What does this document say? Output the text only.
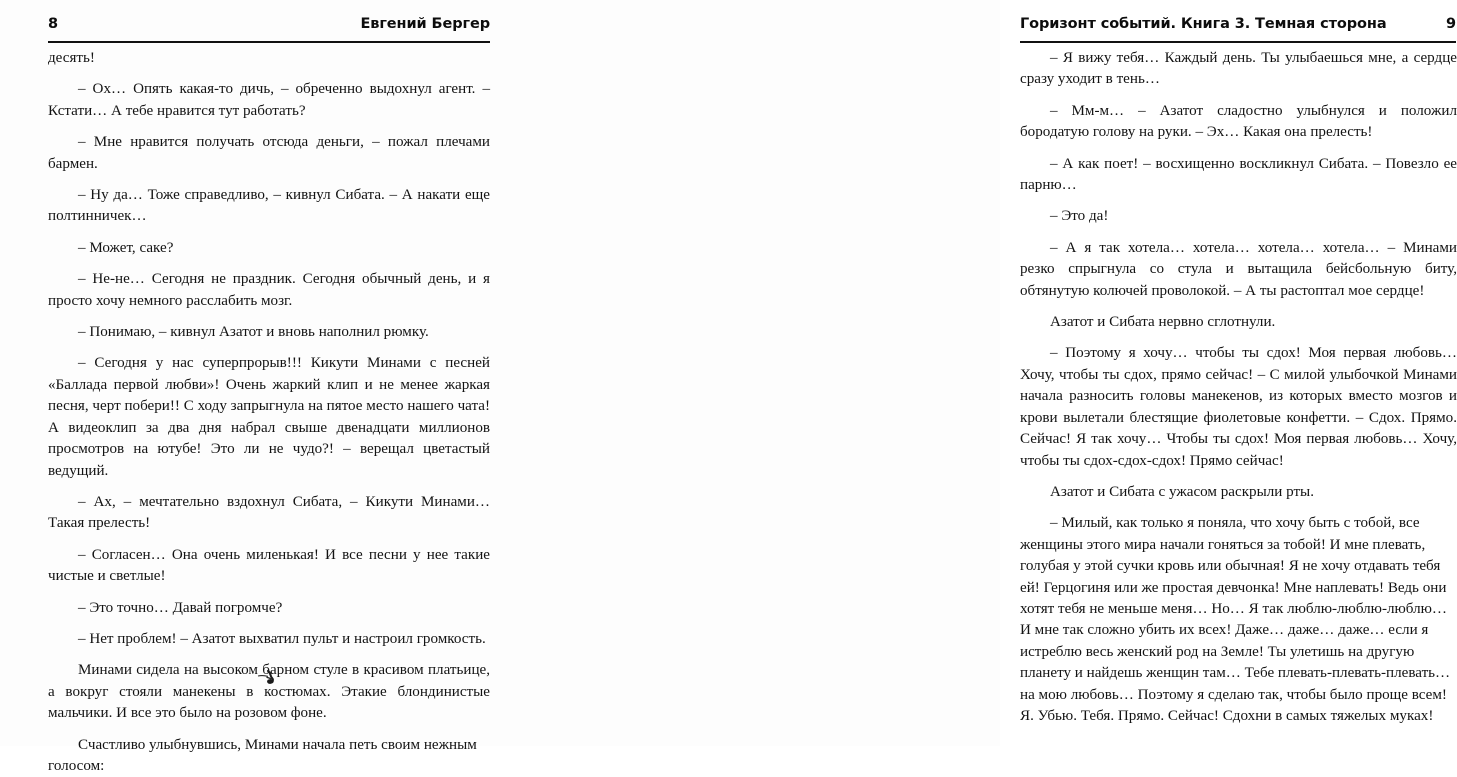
8	Евгений Бергер

десять!

– Ох… Опять какая-то дичь, – обреченно выдохнул агент. – Кстати… А тебе нравится тут работать?

– Мне нравится получать отсюда деньги, – пожал плечами бармен.

– Ну да… Тоже справедливо, – кивнул Сибата. – А накати еще полтинничек…

– Может, саке?

– Не-не… Сегодня не праздник. Сегодня обычный день, и я просто хочу немного расслабить мозг.

– Понимаю, – кивнул Азатот и вновь наполнил рюмку.

– Сегодня у нас суперпрорыв!!! Кикути Минами с песней «Баллада первой любви»! Очень жаркий клип и не менее жаркая песня, черт побери!! С ходу запрыгнула на пятое место нашего чата! А видеоклип за два дня набрал свыше двенадцати миллионов просмотров на ютубе! Это ли не чудо?! – верещал цветастый ведущий.

– Ах, – мечтательно вздохнул Сибата, – Кикути Минами… Такая прелесть!

– Согласен… Она очень миленькая! И все песни у нее такие чистые и светлые!

– Это точно… Давай погромче?

– Нет проблем! – Азатот выхватил пульт и настроил громкость.

Минами сидела на высоком барном стуле в красивом платьице, а вокруг стояли манекены в костюмах. Этакие блондинистые мальчики. И все это было на розовом фоне.

Счастливо улыбнувшись, Минами начала петь своим нежным голосом:

Горизонт событий. Книга 3. Темная сторона	9

– Я вижу тебя… Каждый день. Ты улыбаешься мне, а сердце сразу уходит в тень…

– Мм-м… – Азатот сладостно улыбнулся и положил бородатую голову на руки. – Эх… Какая она прелесть!

– А как поет! – восхищенно воскликнул Сибата. – Повезло ее парню…

– Это да!

– А я так хотела… хотела… хотела… хотела… – Минами резко спрыгнула со стула и вытащила бейсбольную биту, обтянутую колючей проволокой. – А ты растоптал мое сердце!

Азатот и Сибата нервно сглотнули.

– Поэтому я хочу… чтобы ты сдох! Моя первая любовь… Хочу, чтобы ты сдох, прямо сейчас! – С милой улыбочкой Минами начала разносить головы манекенов, из которых вместо мозгов и крови вылетали блестящие фиолетовые конфетти. – Сдох. Прямо. Сейчас! Я так хочу… Чтобы ты сдох! Моя первая любовь… Хочу, чтобы ты сдох-сдох-сдох! Прямо сейчас!

Азатот и Сибата с ужасом раскрыли рты.

– Милый, как только я поняла, что хочу быть с тобой, все женщины этого мира начали гоняться за тобой! И мне плевать, голубая у этой сучки кровь или обычная! Я не хочу отдавать тебя ей! Герцогиня или же простая девчонка! Мне наплевать! Ведь они хотят тебя не меньше меня… Но… Я так люблю-люблю-люблю… И мне так сложно убить их всех! Даже… даже… даже… если я истреблю весь женский род на Земле! Ты улетишь на другую планету и найдешь женщин там… Тебе плевать-плевать-плевать… на мою любовь… Поэтому я сделаю так, чтобы было проще всем! Я. Убью. Тебя. Прямо. Сейчас! Сдохни в самых тяжелых муках!
